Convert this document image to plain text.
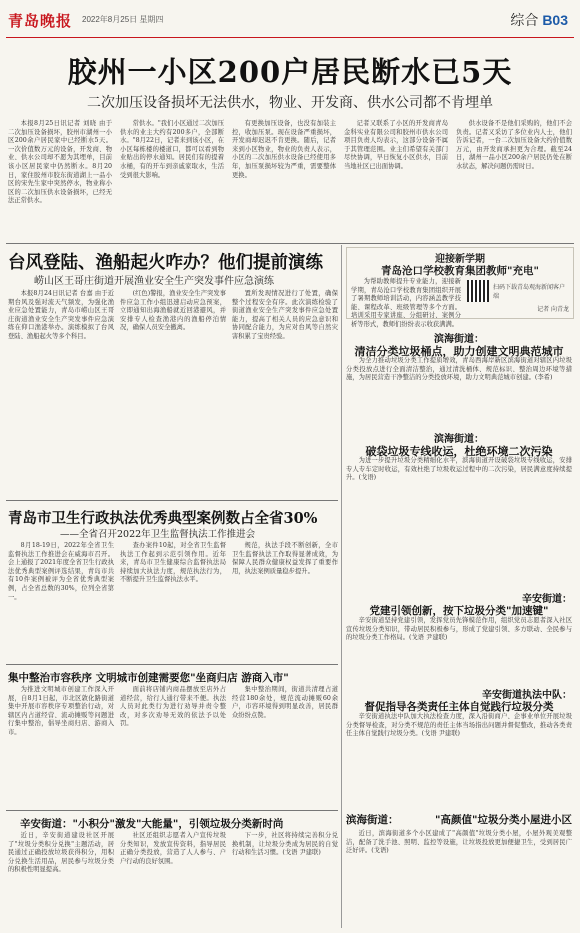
青岛晚报 2022年8月25日 星期四	综合 B03
胶州一小区200户居民断水已5天
二次加压设备损坏无法供水，物业、开发商、供水公司都不肯埋单

本报8月25日讯记者 刘晓 由于二次加压设备损坏，胶州市湖州一小区200余户居民家中已经断水5天。一次价值数万元的设备，开发商、物业、供水公司却不愿为其埋单，目前该小区居民家中仍然断水。8月20日，家住胶州市胶东街道湖上一品小区的宋先生家中突然停水，物业称小区的二次加压供水设备损坏，已经无法正常供水。

常供水。"我们小区通过二次加压供水的业主大约有200多户，全部断水。"8月22日，记者来到该小区，在小区每栋楼的楼道口，都可以看到物业贴出的停水通知。居民们有的提着水桶，有的开车到亲戚家取水，生活受到很大影响。

有更换加压设备，也没有加装主控，收加压泵。现在设备严重损坏，开发商却迟迟不肯更换。随后，记者来到小区物业，物业的负责人表示，小区的二次加压供水设备已经使用多年，加压泵损坏较为严重，需要整体更换。

记者又联系了小区的开发商青岛金科实业有限公司和胶州市供水公司项目负责人均表示，这部分设备不属于其管理范围。业主们希望有关部门尽快协调，早日恢复小区供水，目前当地社区已出面协调。

供水设备不是他们采购的，他们不会负责。记者又采访了多位业内人士，他们告诉记者，一台二次加压设备大约价值数万元，由开发商承担更为合理。截至24日，湖州一品小区200余户居民仍处在断水状态，解决问题仍需时日。

台风登陆、渔船起火咋办？他们提前演练
崂山区王哥庄街道开展渔业安全生产突发事件应急演练

本报8月24日讯记者 台嘉 由于近期台风及强对流天气频发，为强化渔业应急处置能力，青岛市崂山区王哥庄街道渔业安全生产突发事件应急演练在仰口渔港举办。演练模拟了台风登陆、渔船起火等多个科目。

(红色)警报，渔业安全生产突发事件应急工作小组迅速启动应急预案，立即通知出海渔船就近回港避风，并安排专人检查渔港内的渔船停泊情况，确保人员安全撤离。

置所发现情况进行了处置，确保整个过程安全有序。此次演练检验了街道渔业安全生产突发事件应急处置能力，提高了相关人员的应急意识和协同配合能力，为应对台风等自然灾害积累了宝贵经验。

迎接新学期
青岛沧口学校教育集团教师"充电"

为帮助教师提升专业能力，迎接新学期，青岛沧口学校教育集团组织开展了暑期教师培训活动，内容涵盖教学技能、课程改革、班级管理等多个方面。培训采用专家讲座、分组研讨、案例分析等形式，教师们纷纷表示收获满满。

扫码下载青岛观海新闻客户端
记者 向青龙
滨海街道：
清洁分类垃圾桶点，助力创建文明典范城市

为全力推动垃圾分类工作提质增效，青岛西海岸新区滨海街道对辖区内垃圾分类投放点进行全面清洁整治，通过清洗桶体、规范标识、整治周边环境等措施，为居民营造干净整洁的分类投放环境，助力文明典范城市创建。(李希)

滨海街道：
破袋垃圾专线收运，杜绝环境二次污染

为进一步提升垃圾分类精细化水平，滨海街道开设破袋垃圾专线收运，安排专人专车定时收运，有效杜绝了垃圾收运过程中的二次污染，居民满意度持续提升。(戈语)

青岛市卫生行政执法优秀典型案例数占全省30%
——全省召开2022年卫生监督执法工作推进会

8月18-19日，2022年全省卫生监督执法工作推进会在威海市召开。会上通报了2021年度全省卫生行政执法优秀典型案例评选结果，青岛市共有10件案例被评为全省优秀典型案例，占全省总数的30%，位列全省第一。

查办案件10起，对全省卫生监督执法工作起到示范引领作用。近年来，青岛市卫生健康综合监督执法局持续加大执法力度，规范执法行为，不断提升卫生监督执法水平。

规范，执法手段不断创新，全市卫生监督执法工作取得显著成效，为保障人民群众健康权益发挥了重要作用，执法案例质量稳步提升。

辛安街道：
党建引领创新，按下垃圾分类"加速键"

辛安街道坚持党建引领，发挥党员先锋模范作用，组织党员志愿者深入社区宣传垃圾分类知识，带动居民积极参与，形成了党建引领、多方联动、全民参与的垃圾分类工作格局。(戈语 尹建联)

集中整治市容秩序 文明城市创建需要您"坐商归店 游商入市"

为推进文明城市创建工作深入开展，自8月1日起，市北区敦化路街道集中开展市容秩序专项整治行动，对辖区内占道经营、流动摊贩等问题进行集中整治，倡导坐商归店、游商入市。

面前将店铺内商品摆放至店外占道经营，给行人通行带来不便。执法人员对此类行为进行劝导并责令整改，对多次劝导无效的依法予以处罚。

集中整治期间，街道共清理占道经营180余处，规范流动摊贩60余户，市容环境得到明显改善，居民群众纷纷点赞。

辛安街道执法中队：
督促指导各类责任主体自觉践行垃圾分类

辛安街道执法中队加大执法检查力度，深入沿街商户、企事业单位开展垃圾分类督导检查，对分类不规范的责任主体当场指出问题并督促整改，推动各类责任主体自觉践行垃圾分类。(戈语 尹建联)

辛安街道："小积分"激发"大能量"，引领垃圾分类新时尚

近日，辛安街道建设社区开展了"垃圾分类积分兑换"主题活动，居民通过正确投放垃圾获得积分，用积分兑换生活用品，居民参与垃圾分类的积极性明显提高。

社区还组织志愿者入户宣传垃圾分类知识，发放宣传资料，指导居民正确分类投放，营造了人人参与、户户行动的良好氛围。

下一步，社区将持续完善积分兑换机制，让垃圾分类成为居民的自觉行动和生活习惯。(戈语 尹建联)

滨海街道：	"高颜值"垃圾分类小屋进小区

近日，滨海街道多个小区建成了"高颜值"垃圾分类小屋，小屋外观美观整洁，配备了洗手池、照明、监控等设施，让垃圾投放更加便捷卫生，受到居民广泛好评。(戈语)
